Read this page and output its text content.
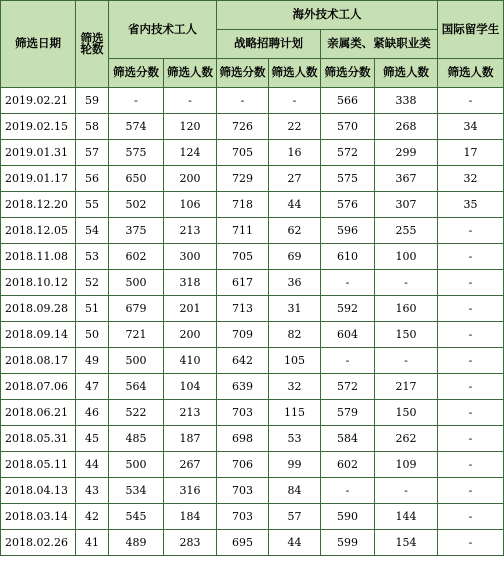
筛选日期	筛选
轮数	省内技术工人		海外技术工人				国际留学生
				战略招聘计划		亲属类、紧缺职业类		
		筛选分数	筛选人数	筛选分数	筛选人数	筛选分数	筛选人数	筛选人数
2019.02.21	59	-	-	-	-	566	338	-
2019.02.15	58	574	120	726	22	570	268	34
2019.01.31	57	575	124	705	16	572	299	17
2019.01.17	56	650	200	729	27	575	367	32
2018.12.20	55	502	106	718	44	576	307	35
2018.12.05	54	375	213	711	62	596	255	-
2018.11.08	53	602	300	705	69	610	100	-
2018.10.12	52	500	318	617	36	-	-	-
2018.09.28	51	679	201	713	31	592	160	-
2018.09.14	50	721	200	709	82	604	150	-
2018.08.17	49	500	410	642	105	-	-	-
2018.07.06	47	564	104	639	32	572	217	-
2018.06.21	46	522	213	703	115	579	150	-
2018.05.31	45	485	187	698	53	584	262	-
2018.05.11	44	500	267	706	99	602	109	-
2018.04.13	43	534	316	703	84	-	-	-
2018.03.14	42	545	184	703	57	590	144	-
2018.02.26	41	489	283	695	44	599	154	-
